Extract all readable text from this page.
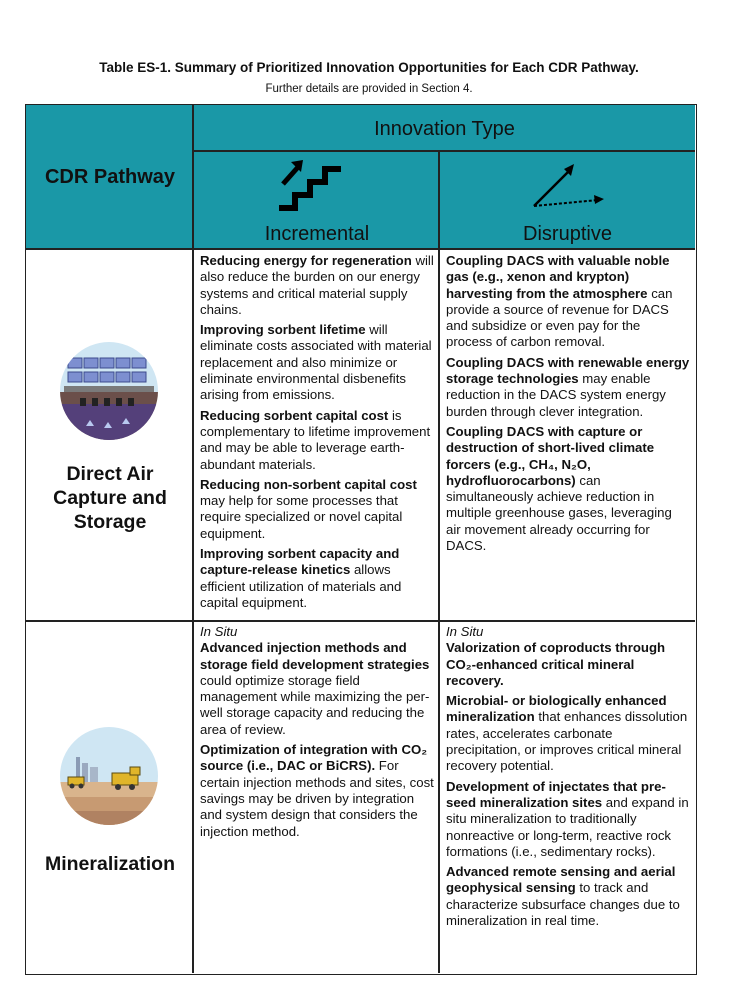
Table ES-1. Summary of Prioritized Innovation Opportunities for Each CDR Pathway.
Further details are provided in Section 4.
CDR Pathway
Innovation Type
Incremental	Disruptive
Direct Air Capture and Storage

Reducing energy for regeneration will also reduce the burden on our energy systems and critical material supply chains.

Improving sorbent lifetime will eliminate costs associated with material replacement and also minimize or eliminate environmental disbenefits arising from emissions.

Reducing sorbent capital cost is complementary to lifetime improvement and may be able to leverage earth-abundant materials.

Reducing non-sorbent capital cost may help for some processes that require specialized or novel capital equipment.

Improving sorbent capacity and capture-release kinetics allows efficient utilization of materials and capital equipment.

Coupling DACS with valuable noble gas (e.g., xenon and krypton) harvesting from the atmosphere can provide a source of revenue for DACS and subsidize or even pay for the process of carbon removal.

Coupling DACS with renewable energy storage technologies may enable reduction in the DACS system energy burden through clever integration.

Coupling DACS with capture or destruction of short-lived climate forcers (e.g., CH₄, N₂O, hydrofluorocarbons) can simultaneously achieve reduction in multiple greenhouse gases, leveraging air movement already occurring for DACS.

Mineralization

In Situ

Advanced injection methods and storage field development strategies could optimize storage field management while maximizing the per-well storage capacity and reducing the area of review.

Optimization of integration with CO₂ source (i.e., DAC or BiCRS). For certain injection methods and sites, cost savings may be driven by integration and system design that considers the injection method.

In Situ

Valorization of coproducts through CO₂-enhanced critical mineral recovery.

Microbial- or biologically enhanced mineralization that enhances dissolution rates, accelerates carbonate precipitation, or improves critical mineral recovery potential.

Development of injectates that pre-seed mineralization sites and expand in situ mineralization to traditionally nonreactive or long-term, reactive rock formations (i.e., sedimentary rocks).

Advanced remote sensing and aerial geophysical sensing to track and characterize subsurface changes due to mineralization in real time.
